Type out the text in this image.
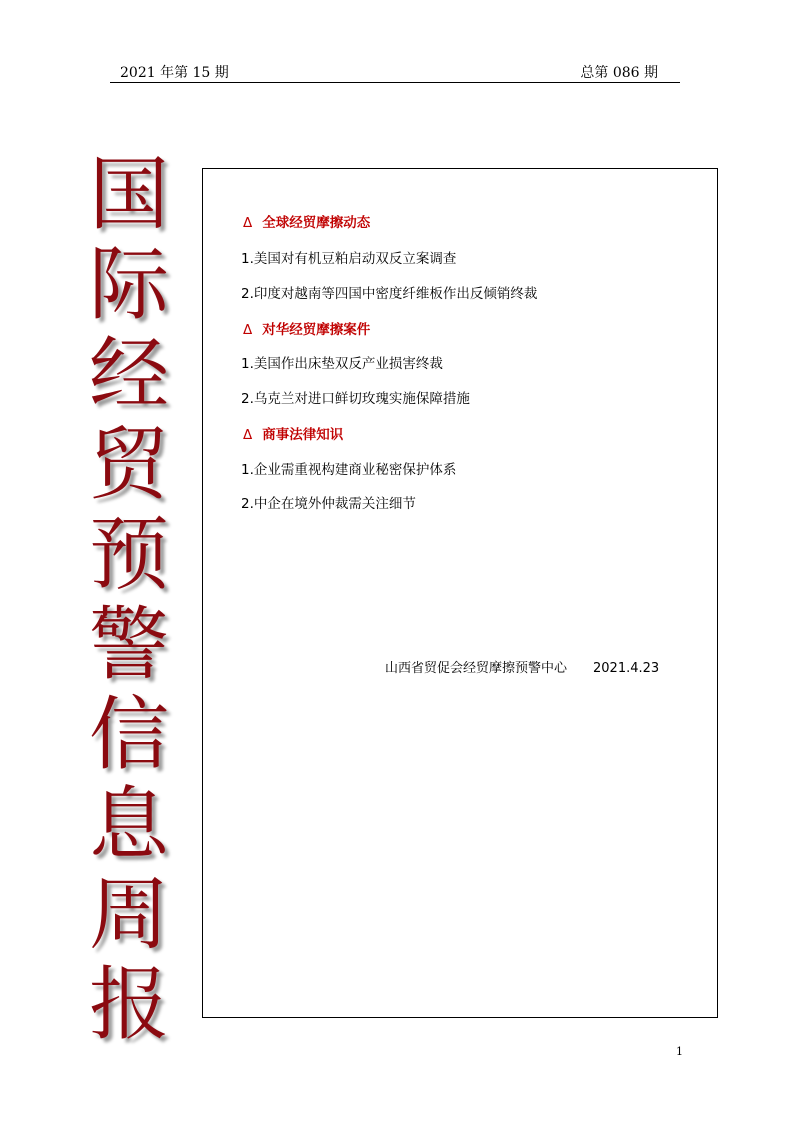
2021 年第 15 期	总第 086 期
国
际
经
贸
预
警
信
息
周
报
Δ 全球经贸摩擦动态
1.美国对有机豆粕启动双反立案调查
2.印度对越南等四国中密度纤维板作出反倾销终裁
Δ 对华经贸摩擦案件
1.美国作出床垫双反产业损害终裁
2.乌克兰对进口鲜切玫瑰实施保障措施
Δ 商事法律知识
1.企业需重视构建商业秘密保护体系
2.中企在境外仲裁需关注细节
山西省贸促会经贸摩擦预警中心 2021.4.23
1
